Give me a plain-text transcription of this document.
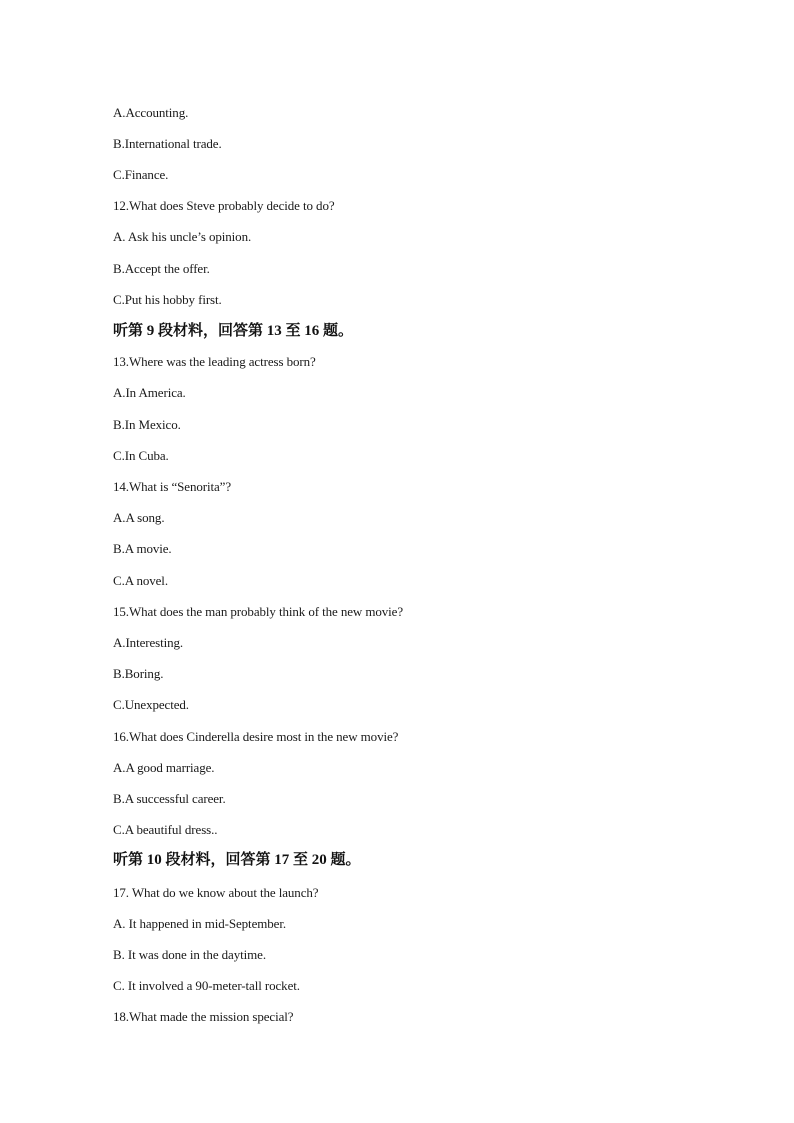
A.Accounting.
B.International trade.
C.Finance.
12.What does Steve probably decide to do?
A. Ask his uncle’s opinion.
B.Accept the offer.
C.Put his hobby first.
听第 9 段材料，回答第 13 至 16 题。
13.Where was the leading actress born?
A.In America.
B.In Mexico.
C.In Cuba.
14.What is “Senorita”?
A.A song.
B.A movie.
C.A novel.
15.What does the man probably think of the new movie?
A.Interesting.
B.Boring.
C.Unexpected.
16.What does Cinderella desire most in the new movie?
A.A good marriage.
B.A successful career.
C.A beautiful dress..
听第 10 段材料，回答第 17 至 20 题。
17. What do we know about the launch?
A. It happened in mid-September.
B. It was done in the daytime.
C. It involved a 90-meter-tall rocket.
18.What made the mission special?
